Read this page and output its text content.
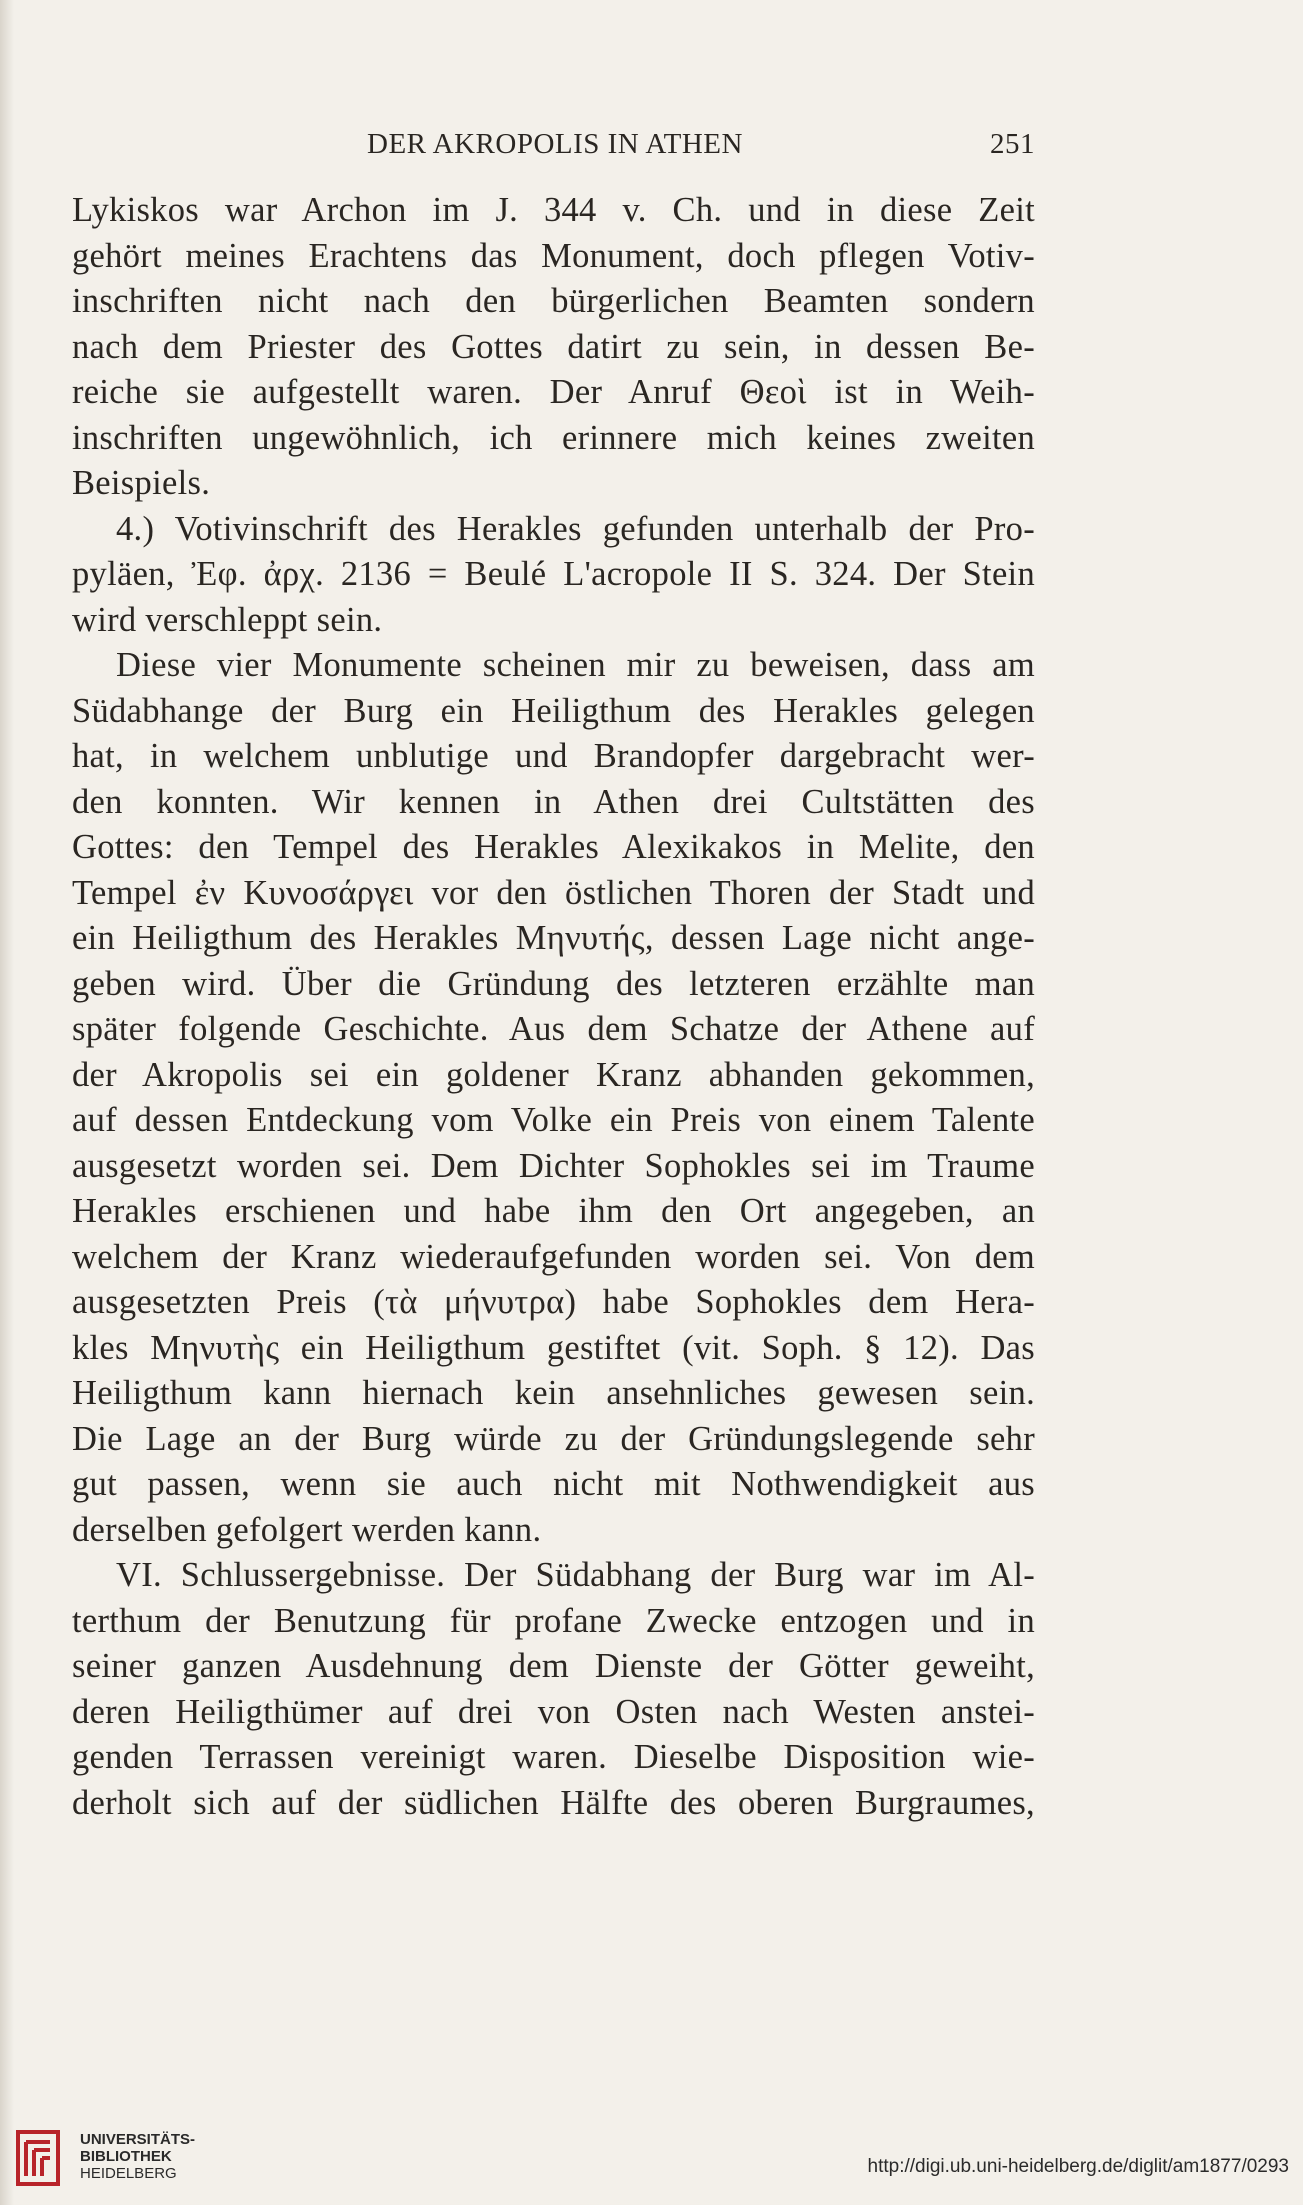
DER AKROPOLIS IN ATHEN	251
Lykiskos war Archon im J. 344 v. Ch. und in diese Zeit
gehört meines Erachtens das Monument, doch pflegen Votiv-
inschriften nicht nach den bürgerlichen Beamten sondern
nach dem Priester des Gottes datirt zu sein, in dessen Be-
reiche sie aufgestellt waren. Der Anruf Θεοὶ ist in Weih-
inschriften ungewöhnlich, ich erinnere mich keines zweiten
Beispiels.
4.) Votivinschrift des Herakles gefunden unterhalb der Pro-
pyläen, Ἐφ. ἀρχ. 2136 = Beulé L'acropole II S. 324. Der Stein
wird verschleppt sein.
Diese vier Monumente scheinen mir zu beweisen, dass am
Südabhange der Burg ein Heiligthum des Herakles gelegen
hat, in welchem unblutige und Brandopfer dargebracht wer-
den konnten. Wir kennen in Athen drei Cultstätten des
Gottes: den Tempel des Herakles Alexikakos in Melite, den
Tempel ἐν Κυνοσάργει vor den östlichen Thoren der Stadt und
ein Heiligthum des Herakles Μηνυτής, dessen Lage nicht ange-
geben wird. Über die Gründung des letzteren erzählte man
später folgende Geschichte. Aus dem Schatze der Athene auf
der Akropolis sei ein goldener Kranz abhanden gekommen,
auf dessen Entdeckung vom Volke ein Preis von einem Talente
ausgesetzt worden sei. Dem Dichter Sophokles sei im Traume
Herakles erschienen und habe ihm den Ort angegeben, an
welchem der Kranz wiederaufgefunden worden sei. Von dem
ausgesetzten Preis (τὰ μήνυτρα) habe Sophokles dem Hera-
kles Μηνυτὴς ein Heiligthum gestiftet (vit. Soph. § 12). Das
Heiligthum kann hiernach kein ansehnliches gewesen sein.
Die Lage an der Burg würde zu der Gründungslegende sehr
gut passen, wenn sie auch nicht mit Nothwendigkeit aus
derselben gefolgert werden kann.
VI. Schlussergebnisse. Der Südabhang der Burg war im Al-
terthum der Benutzung für profane Zwecke entzogen und in
seiner ganzen Ausdehnung dem Dienste der Götter geweiht,
deren Heiligthümer auf drei von Osten nach Westen anstei-
genden Terrassen vereinigt waren. Dieselbe Disposition wie-
derholt sich auf der südlichen Hälfte des oberen Burgraumes,
UNIVERSITÄTS-
BIBLIOTHEK
HEIDELBERG	http://digi.ub.uni-heidelberg.de/diglit/am1877/0293
